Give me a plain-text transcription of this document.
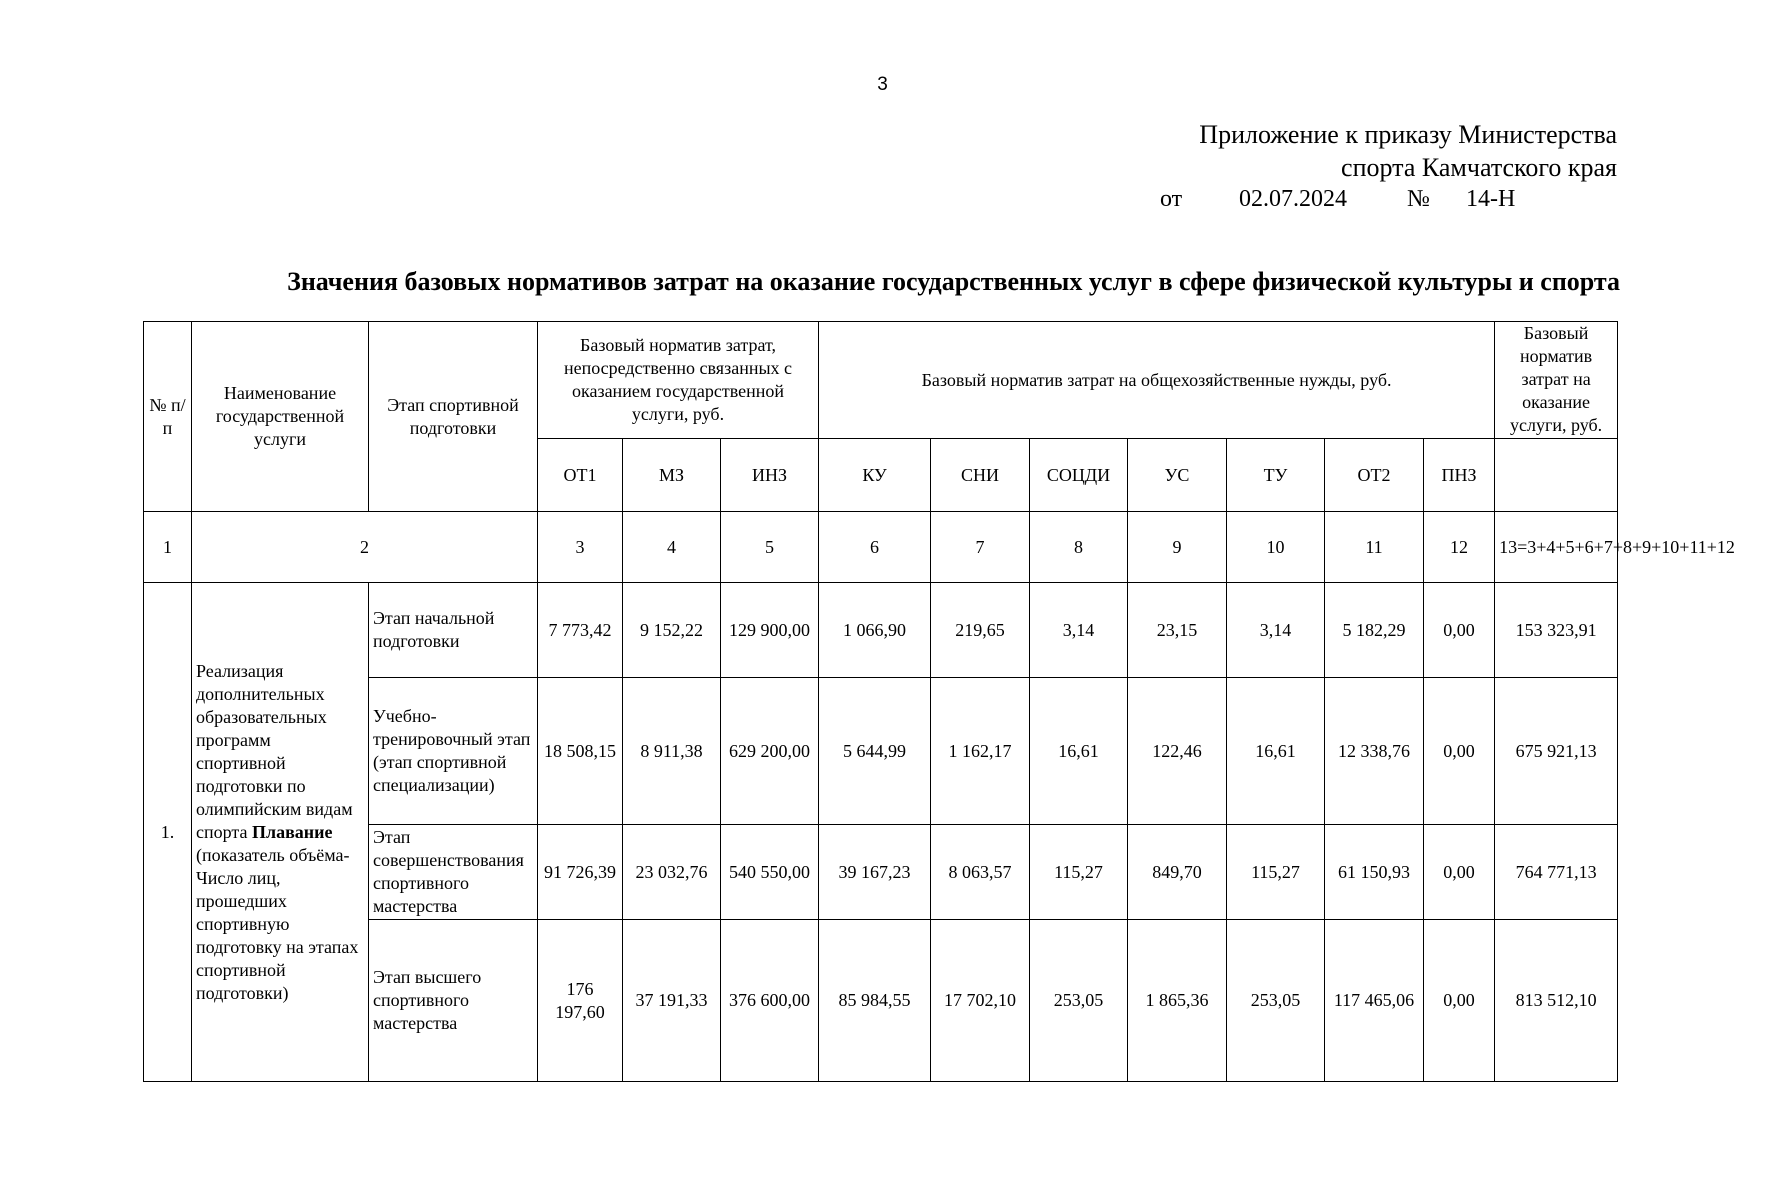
3
Приложение к приказу Министерства
спорта Камчатского края
от 02.07.2024	№ 14-Н
Значения базовых нормативов затрат на оказание государственных услуг в сфере физической культуры и спорта
№ п/п	Наименование государственной услуги	Этап спортивной подготовки	Базовый норматив затрат, непосредственно связанных с оказанием государственной услуги, руб.			Базовый норматив затрат на общехозяйственные нужды, руб.							Базовый норматив затрат на оказание услуги, руб.
			ОТ1	МЗ	ИНЗ	КУ	СНИ	СОЦДИ	УС	ТУ	ОТ2	ПНЗ	
1	2		3	4	5	6	7	8	9	10	11	12	13=3+4+5+6+7+8+9+10+11+12
1.	Реализация дополнительных образовательных программ спортивной подготовки по олимпийским видам спорта Плавание (показатель объёма-Число лиц, прошедших спортивную подготовку на этапах спортивной подготовки)	Этап начальной подготовки	7 773,42	9 152,22	129 900,00	1 066,90	219,65	3,14	23,15	3,14	5 182,29	0,00	153 323,91
		Учебно-тренировочный этап (этап спортивной специализации)	18 508,15	8 911,38	629 200,00	5 644,99	1 162,17	16,61	122,46	16,61	12 338,76	0,00	675 921,13
		Этап совершенствования спортивного мастерства	91 726,39	23 032,76	540 550,00	39 167,23	8 063,57	115,27	849,70	115,27	61 150,93	0,00	764 771,13
		Этап высшего спортивного мастерства	176 197,60	37 191,33	376 600,00	85 984,55	17 702,10	253,05	1 865,36	253,05	117 465,06	0,00	813 512,10
